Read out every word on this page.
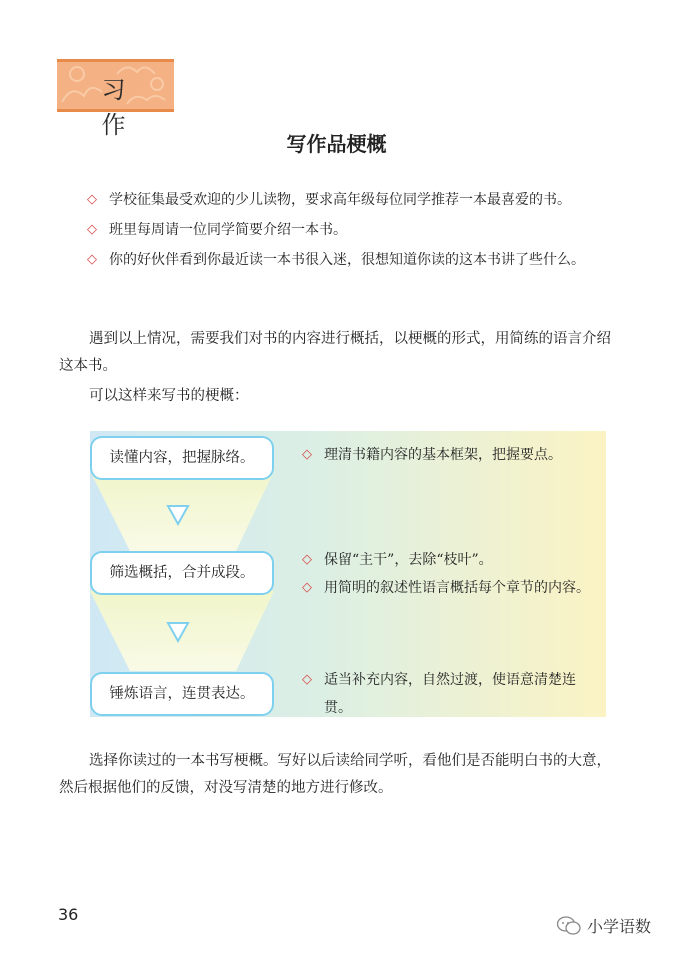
习 作
写作品梗概
◇ 学校征集最受欢迎的少儿读物，要求高年级每位同学推荐一本最喜爱的书。
◇ 班里每周请一位同学简要介绍一本书。
◇ 你的好伙伴看到你最近读一本书很入迷，很想知道你读的这本书讲了些什么。
遇到以上情况，需要我们对书的内容进行概括，以梗概的形式，用简练的语言介绍这本书。
可以这样来写书的梗概：
读懂内容，把握脉络。
筛选概括，合并成段。
锤炼语言，连贯表达。
◇ 理清书籍内容的基本框架，把握要点。
◇ 保留“主干”，去除“枝叶”。
◇ 用简明的叙述性语言概括每个章节的内容。
◇ 适当补充内容，自然过渡，使语意清楚连贯。
选择你读过的一本书写梗概。写好以后读给同学听，看他们是否能明白书的大意，然后根据他们的反馈，对没写清楚的地方进行修改。
36
小学语数
